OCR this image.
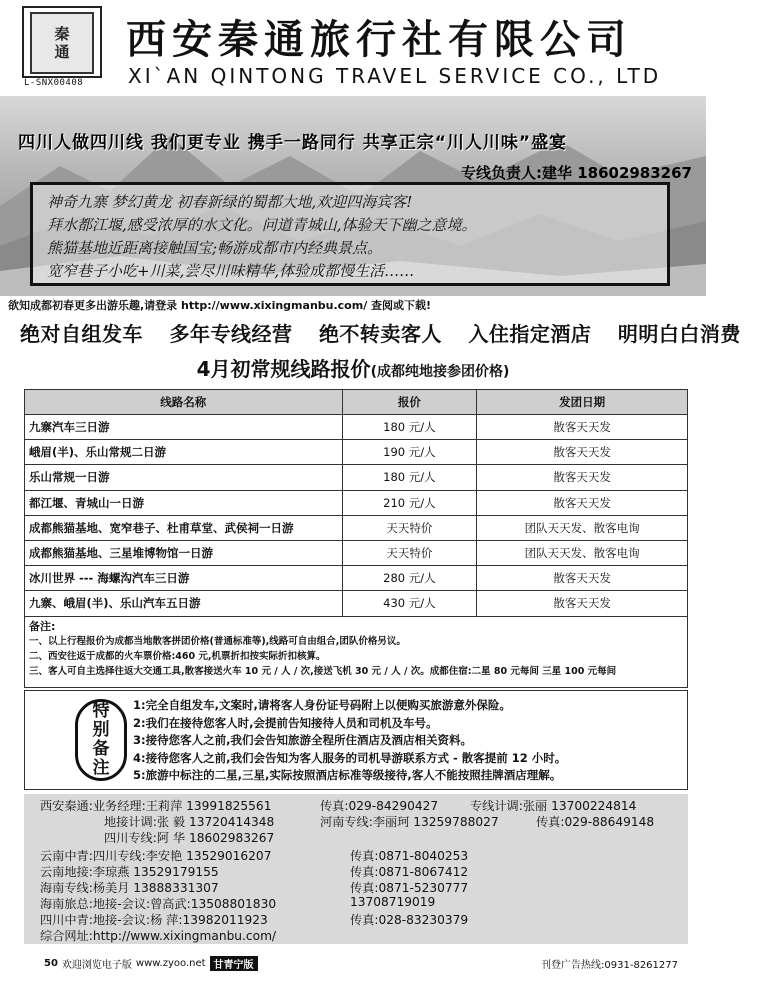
秦
通
L-SNX00408
西安秦通旅行社有限公司
XI`AN QINTONG TRAVEL SERVICE CO., LTD
四川人做四川线 我们更专业 携手一路同行 共享正宗“川人川味”盛宴
专线负责人:建华 18602983267
神奇九寨 梦幻黄龙 初春新绿的蜀都大地,欢迎四海宾客!
拜水都江堰,感受浓厚的水文化。问道青城山,体验天下幽之意境。
熊猫基地近距离接触国宝;畅游成都市内经典景点。
宽窄巷子小吃+川菜,尝尽川味精华,体验成都慢生活……
欲知成都初春更多出游乐趣,请登录 http://www.xixingmanbu.com/ 查阅或下载!
绝对自组发车 多年专线经营 绝不转卖客人 入住指定酒店 明明白白消费
4月初常规线路报价(成都纯地接参团价格)
线路名称	报价	发团日期
九寨汽车三日游	180 元/人	散客天天发
峨眉(半)、乐山常规二日游	190 元/人	散客天天发
乐山常规一日游	180 元/人	散客天天发
都江堰、青城山一日游	210 元/人	散客天天发
成都熊猫基地、宽窄巷子、杜甫草堂、武侯祠一日游	天天特价	团队天天发、散客电询
成都熊猫基地、三星堆博物馆一日游	天天特价	团队天天发、散客电询
冰川世界 --- 海螺沟汽车三日游	280 元/人	散客天天发
九寨、峨眉(半)、乐山汽车五日游	430 元/人	散客天天发
备注:
一、以上行程报价为成都当地散客拼团价格(普通标准等),线路可自由组合,团队价格另议。
二、西安往返于成都的火车票价格:460 元,机票折扣按实际折扣核算。
三、客人可自主选择往返大交通工具,散客接送火车 10 元 / 人 / 次,接送飞机 30 元 / 人 / 次。成都住宿:二星 80 元每间 三星 100 元每间
特
别
备
注
1:完全自组发车,文案时,请将客人身份证号码附上以便购买旅游意外保险。
2:我们在接待您客人时,会提前告知接待人员和司机及车号。
3:接待您客人之前,我们会告知旅游全程所住酒店及酒店相关资料。
4:接待您客人之前,我们会告知为客人服务的司机导游联系方式 - 散客提前 12 小时。
5:旅游中标注的二星,三星,实际按照酒店标准等级接待,客人不能按照挂牌酒店理解。
西安秦通:业务经理:王莉萍 13991825561	传真:029-84290427	专线计调:张丽 13700224814
地接计调:张 毅 13720414348	河南专线:李丽珂 13259788027	传真:029-88649148
四川专线:阿 华 18602983267
云南中青:四川专线:李安艳 13529016207	传真:0871-8040253
云南地接:李琼燕 13529179155	传真:0871-8067412
海南专线:杨美月 13888331307	传真:0871-5230777
海南旅总:地接-会议:曾高武:13508801830	13708719019
四川中青:地接-会议:杨 萍:13982011923	传真:028-83230379
综合网址:http://www.xixingmanbu.com/
50 欢迎浏览电子版 www.zyoo.net 甘青宁版	刊登广告热线:0931-8261277
